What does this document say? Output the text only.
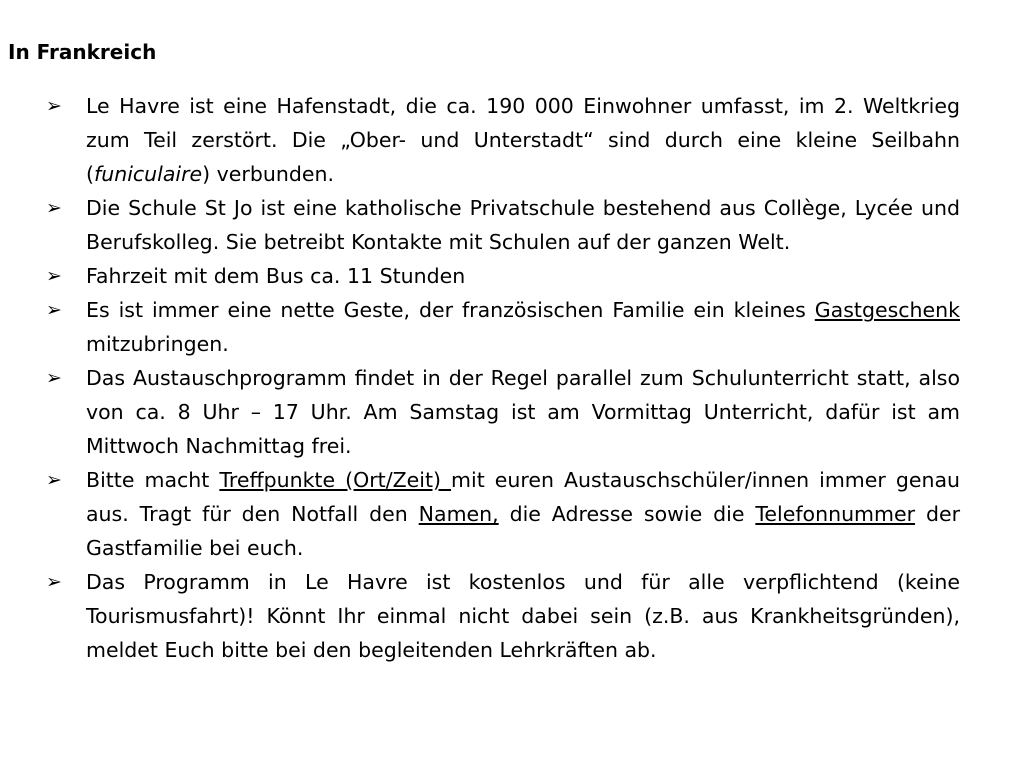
In Frankreich
➢	Le Havre ist eine Hafenstadt, die ca. 190 000 Einwohner umfasst, im 2. Weltkrieg zum Teil zerstört. Die „Ober- und Unterstadt“ sind durch eine kleine Seilbahn (funiculaire) verbunden.
➢	Die Schule St Jo ist eine katholische Privatschule bestehend aus Collège, Lycée und Berufskolleg. Sie betreibt Kontakte mit Schulen auf der ganzen Welt.
➢	Fahrzeit mit dem Bus ca. 11 Stunden
➢	Es ist immer eine nette Geste, der französischen Familie ein kleines Gastgeschenk mitzubringen.
➢	Das Austauschprogramm findet in der Regel parallel zum Schulunterricht statt, also von ca. 8 Uhr – 17 Uhr. Am Samstag ist am Vormittag Unterricht, dafür ist am Mittwoch Nachmittag frei.
➢	Bitte macht Treffpunkte (Ort/Zeit) mit euren Austauschschüler/innen immer genau aus. Tragt für den Notfall den Namen, die Adresse sowie die Telefonnummer der Gastfamilie bei euch.
➢	Das Programm in Le Havre ist kostenlos und für alle verpflichtend (keine Tourismusfahrt)! Könnt Ihr einmal nicht dabei sein (z.B. aus Krankheitsgründen), meldet Euch bitte bei den begleitenden Lehrkräften ab.
